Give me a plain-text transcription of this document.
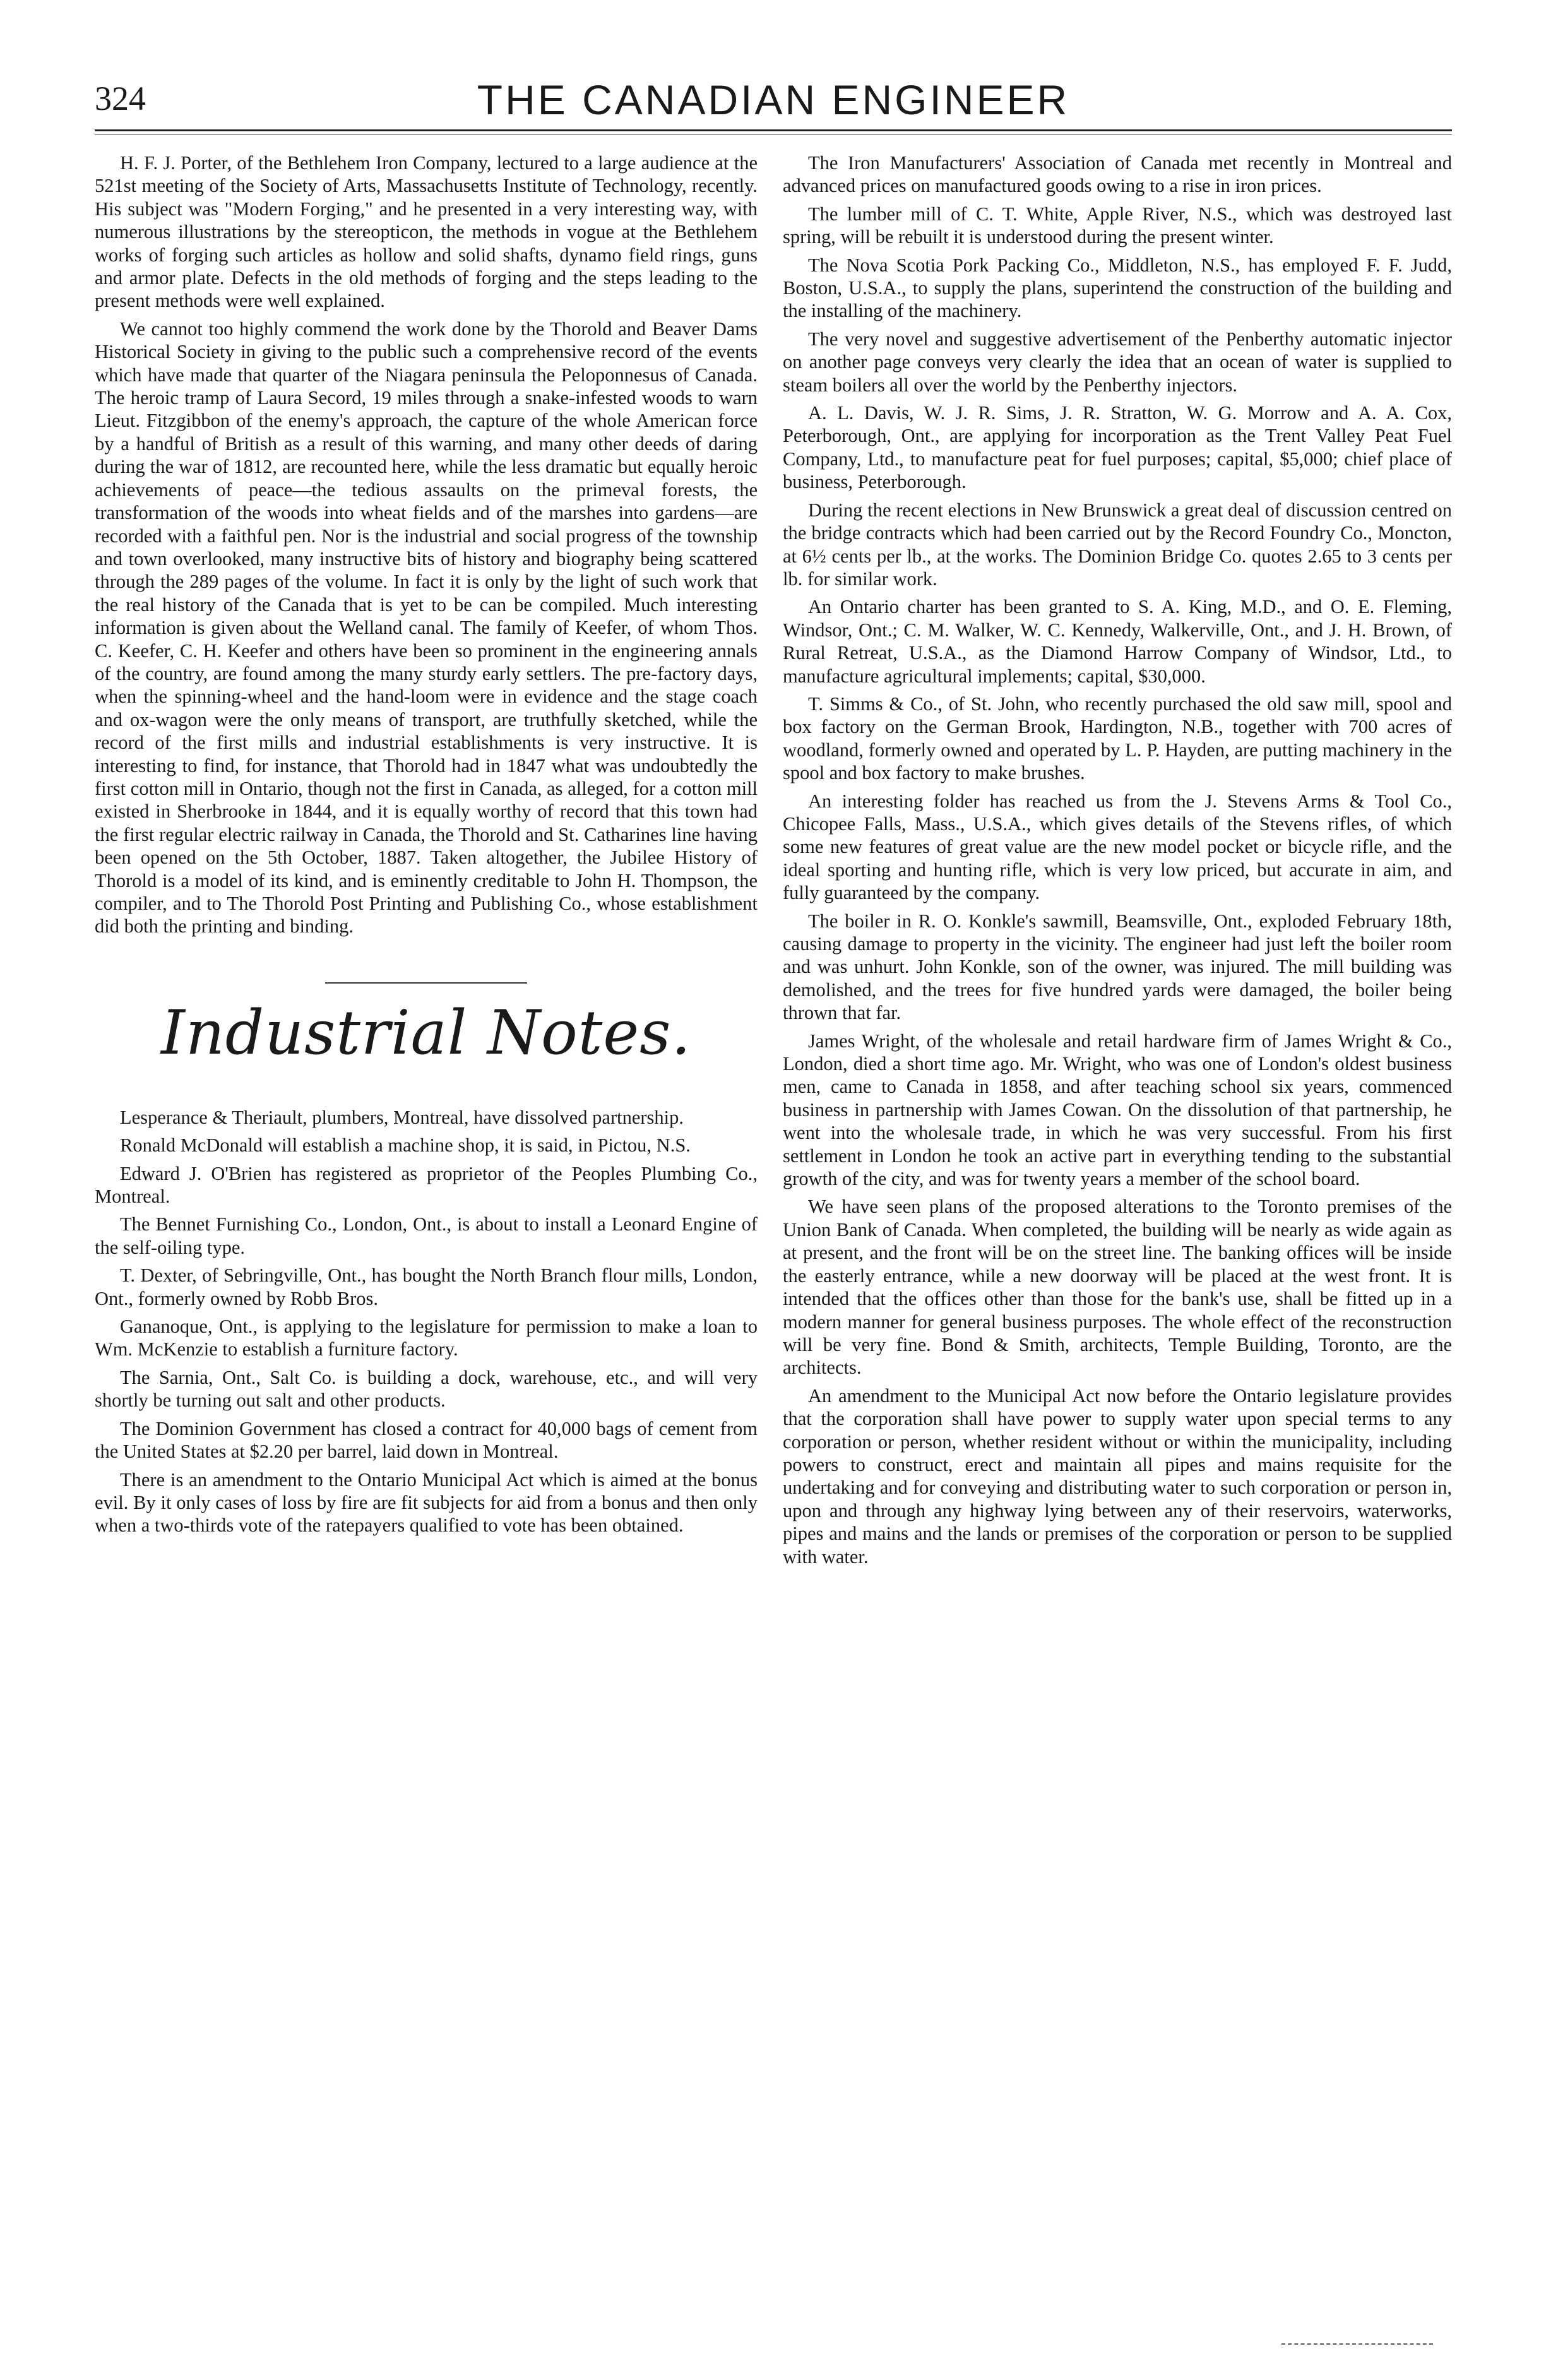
324	THE CANADIAN ENGINEER

H. F. J. Porter, of the Bethlehem Iron Company, lectured to a large audience at the 521st meeting of the Society of Arts, Massachusetts Institute of Technology, recently. His subject was "Modern Forging," and he presented in a very interesting way, with numerous illustrations by the stereopticon, the methods in vogue at the Bethlehem works of forging such articles as hollow and solid shafts, dynamo field rings, guns and armor plate. Defects in the old methods of forging and the steps leading to the present methods were well explained.

We cannot too highly commend the work done by the Thorold and Beaver Dams Historical Society in giving to the public such a comprehensive record of the events which have made that quarter of the Niagara peninsula the Peloponnesus of Canada. The heroic tramp of Laura Secord, 19 miles through a snake-infested woods to warn Lieut. Fitzgibbon of the enemy's approach, the capture of the whole American force by a handful of British as a result of this warning, and many other deeds of daring during the war of 1812, are recounted here, while the less dramatic but equally heroic achievements of peace—the tedious assaults on the primeval forests, the transformation of the woods into wheat fields and of the marshes into gardens—are recorded with a faithful pen. Nor is the industrial and social progress of the township and town overlooked, many instructive bits of history and biography being scattered through the 289 pages of the volume. In fact it is only by the light of such work that the real history of the Canada that is yet to be can be compiled. Much interesting information is given about the Welland canal. The family of Keefer, of whom Thos. C. Keefer, C. H. Keefer and others have been so prominent in the engineering annals of the country, are found among the many sturdy early settlers. The pre-factory days, when the spinning-wheel and the hand-loom were in evidence and the stage coach and ox-wagon were the only means of transport, are truthfully sketched, while the record of the first mills and industrial establishments is very instructive. It is interesting to find, for instance, that Thorold had in 1847 what was undoubtedly the first cotton mill in Ontario, though not the first in Canada, as alleged, for a cotton mill existed in Sherbrooke in 1844, and it is equally worthy of record that this town had the first regular electric railway in Canada, the Thorold and St. Catharines line having been opened on the 5th October, 1887. Taken altogether, the Jubilee History of Thorold is a model of its kind, and is eminently creditable to John H. Thompson, the compiler, and to The Thorold Post Printing and Publishing Co., whose establishment did both the printing and binding.

Industrial Notes.

Lesperance & Theriault, plumbers, Montreal, have dissolved partnership.

Ronald McDonald will establish a machine shop, it is said, in Pictou, N.S.

Edward J. O'Brien has registered as proprietor of the Peoples Plumbing Co., Montreal.

The Bennet Furnishing Co., London, Ont., is about to install a Leonard Engine of the self-oiling type.

T. Dexter, of Sebringville, Ont., has bought the North Branch flour mills, London, Ont., formerly owned by Robb Bros.

Gananoque, Ont., is applying to the legislature for permission to make a loan to Wm. McKenzie to establish a furniture factory.

The Sarnia, Ont., Salt Co. is building a dock, warehouse, etc., and will very shortly be turning out salt and other products.

The Dominion Government has closed a contract for 40,000 bags of cement from the United States at $2.20 per barrel, laid down in Montreal.

There is an amendment to the Ontario Municipal Act which is aimed at the bonus evil. By it only cases of loss by fire are fit subjects for aid from a bonus and then only when a two-thirds vote of the ratepayers qualified to vote has been obtained.

The Iron Manufacturers' Association of Canada met recently in Montreal and advanced prices on manufactured goods owing to a rise in iron prices.

The lumber mill of C. T. White, Apple River, N.S., which was destroyed last spring, will be rebuilt it is understood during the present winter.

The Nova Scotia Pork Packing Co., Middleton, N.S., has employed F. F. Judd, Boston, U.S.A., to supply the plans, superintend the construction of the building and the installing of the machinery.

The very novel and suggestive advertisement of the Penberthy automatic injector on another page conveys very clearly the idea that an ocean of water is supplied to steam boilers all over the world by the Penberthy injectors.

A. L. Davis, W. J. R. Sims, J. R. Stratton, W. G. Morrow and A. A. Cox, Peterborough, Ont., are applying for incorporation as the Trent Valley Peat Fuel Company, Ltd., to manufacture peat for fuel purposes; capital, $5,000; chief place of business, Peterborough.

During the recent elections in New Brunswick a great deal of discussion centred on the bridge contracts which had been carried out by the Record Foundry Co., Moncton, at 6½ cents per lb., at the works. The Dominion Bridge Co. quotes 2.65 to 3 cents per lb. for similar work.

An Ontario charter has been granted to S. A. King, M.D., and O. E. Fleming, Windsor, Ont.; C. M. Walker, W. C. Kennedy, Walkerville, Ont., and J. H. Brown, of Rural Retreat, U.S.A., as the Diamond Harrow Company of Windsor, Ltd., to manufacture agricultural implements; capital, $30,000.

T. Simms & Co., of St. John, who recently purchased the old saw mill, spool and box factory on the German Brook, Hardington, N.B., together with 700 acres of woodland, formerly owned and operated by L. P. Hayden, are putting machinery in the spool and box factory to make brushes.

An interesting folder has reached us from the J. Stevens Arms & Tool Co., Chicopee Falls, Mass., U.S.A., which gives details of the Stevens rifles, of which some new features of great value are the new model pocket or bicycle rifle, and the ideal sporting and hunting rifle, which is very low priced, but accurate in aim, and fully guaranteed by the company.

The boiler in R. O. Konkle's sawmill, Beamsville, Ont., exploded February 18th, causing damage to property in the vicinity. The engineer had just left the boiler room and was unhurt. John Konkle, son of the owner, was injured. The mill building was demolished, and the trees for five hundred yards were damaged, the boiler being thrown that far.

James Wright, of the wholesale and retail hardware firm of James Wright & Co., London, died a short time ago. Mr. Wright, who was one of London's oldest business men, came to Canada in 1858, and after teaching school six years, commenced business in partnership with James Cowan. On the dissolution of that partnership, he went into the wholesale trade, in which he was very successful. From his first settlement in London he took an active part in everything tending to the substantial growth of the city, and was for twenty years a member of the school board.

We have seen plans of the proposed alterations to the Toronto premises of the Union Bank of Canada. When completed, the building will be nearly as wide again as at present, and the front will be on the street line. The banking offices will be inside the easterly entrance, while a new doorway will be placed at the west front. It is intended that the offices other than those for the bank's use, shall be fitted up in a modern manner for general business purposes. The whole effect of the reconstruction will be very fine. Bond & Smith, architects, Temple Building, Toronto, are the architects.

An amendment to the Municipal Act now before the Ontario legislature provides that the corporation shall have power to supply water upon special terms to any corporation or person, whether resident without or within the municipality, including powers to construct, erect and maintain all pipes and mains requisite for the undertaking and for conveying and distributing water to such corporation or person in, upon and through any highway lying between any of their reservoirs, waterworks, pipes and mains and the lands or premises of the corporation or person to be supplied with water.
